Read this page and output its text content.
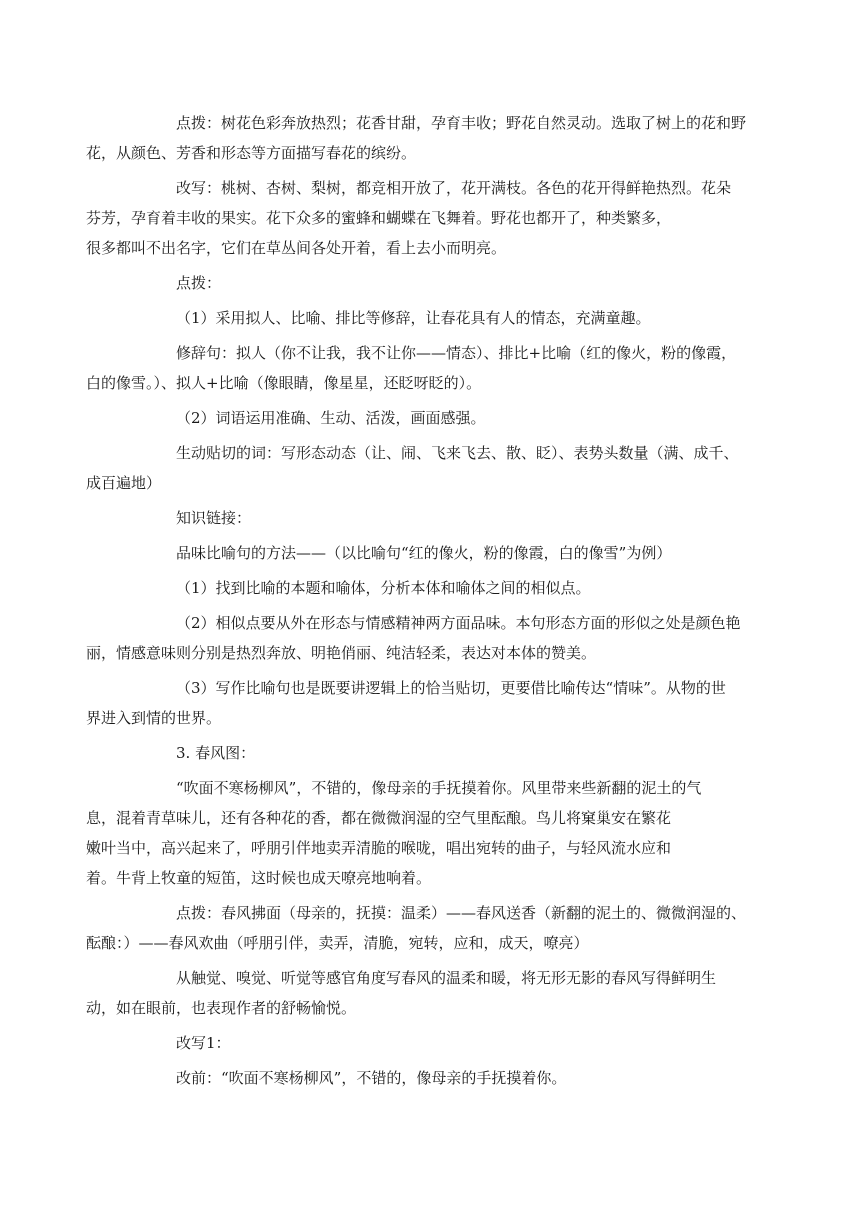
点拨：树花色彩奔放热烈；花香甘甜，孕育丰收；野花自然灵动。选取了树上的花和野
花，从颜色、芳香和形态等方面描写春花的缤纷。
改写：桃树、杏树、梨树，都竞相开放了，花开满枝。各色的花开得鲜艳热烈。花朵
芬芳，孕育着丰收的果实。花下众多的蜜蜂和蝴蝶在飞舞着。野花也都开了，种类繁多，
很多都叫不出名字，它们在草丛间各处开着，看上去小而明亮。
点拨：
（1）采用拟人、比喻、排比等修辞，让春花具有人的情态，充满童趣。
修辞句：拟人（你不让我，我不让你——情态）、排比+比喻（红的像火，粉的像霞，
白的像雪。）、拟人+比喻（像眼睛，像星星，还眨呀眨的）。
（2）词语运用准确、生动、活泼，画面感强。
生动贴切的词：写形态动态（让、闹、飞来飞去、散、眨）、表势头数量（满、成千、
成百遍地）
知识链接：
品味比喻句的方法——（以比喻句“红的像火，粉的像霞，白的像雪”为例）
（1）找到比喻的本题和喻体，分析本体和喻体之间的相似点。
（2）相似点要从外在形态与情感精神两方面品味。本句形态方面的形似之处是颜色艳
丽，情感意味则分别是热烈奔放、明艳俏丽、纯洁轻柔，表达对本体的赞美。
（3）写作比喻句也是既要讲逻辑上的恰当贴切，更要借比喻传达“情味”。从物的世
界进入到情的世界。
3. 春风图：
“吹面不寒杨柳风”，不错的，像母亲的手抚摸着你。风里带来些新翻的泥土的气
息，混着青草味儿，还有各种花的香，都在微微润湿的空气里酝酿。鸟儿将窠巢安在繁花
嫩叶当中，高兴起来了，呼朋引伴地卖弄清脆的喉咙，唱出宛转的曲子，与轻风流水应和
着。牛背上牧童的短笛，这时候也成天嘹亮地响着。
点拨：春风拂面（母亲的，抚摸：温柔）——春风送香（新翻的泥土的、微微润湿的、
酝酿：）——春风欢曲（呼朋引伴，卖弄，清脆，宛转，应和，成天，嘹亮）
从触觉、嗅觉、听觉等感官角度写春风的温柔和暖，将无形无影的春风写得鲜明生
动，如在眼前，也表现作者的舒畅愉悦。
改写1：
改前：“吹面不寒杨柳风”，不错的，像母亲的手抚摸着你。
